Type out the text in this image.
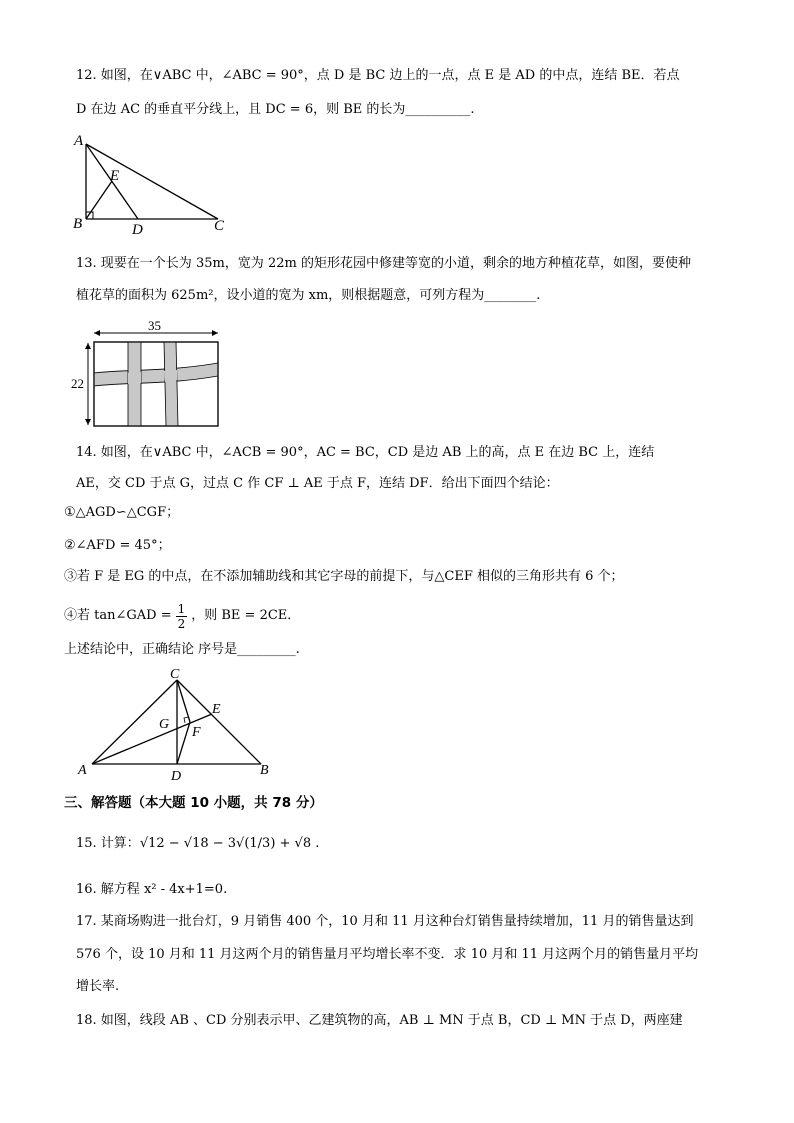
12. 如图，在∨ABC 中，∠ABC = 90°，点 D 是 BC 边上的一点，点 E 是 AD 的中点，连结 BE．若点
D 在边 AC 的垂直平分线上，且 DC = 6，则 BE 的长为__________.
A
E
B	D	C
13. 现要在一个长为 35m，宽为 22m 的矩形花园中修建等宽的小道，剩余的地方种植花草，如图，要使种
植花草的面积为 625m²，设小道的宽为 xm，则根据题意，可列方程为________.
35
22
14. 如图，在∨ABC 中，∠ACB = 90°，AC = BC，CD 是边 AB 上的高，点 E 在边 BC 上，连结
AE，交 CD 于点 G，过点 C 作 CF ⊥ AE 于点 F，连结 DF．给出下面四个结论：
①△AGD∽△CGF；
②∠AFD = 45°；
③若 F 是 EG 的中点，在不添加辅助线和其它字母的前提下，与△CEF 相似的三角形共有 6 个；
④若 tan∠GAD = $\frac{1}{2}$ ，则 BE = 2CE．
上述结论中，正确结论 序号是_________.
C
E
G
F
A	D	B
三、解答题（本大题 10 小题，共 78 分）
15. 计算：√12 − √18 − 3√(1/3) + √8 .
16. 解方程 x² - 4x+1=0.
17. 某商场购进一批台灯，9 月销售 400 个，10 月和 11 月这种台灯销售量持续增加，11 月的销售量达到
576 个，设 10 月和 11 月这两个月的销售量月平均增长率不变．求 10 月和 11 月这两个月的销售量月平均
增长率.
18. 如图，线段 AB 、CD 分别表示甲、乙建筑物的高，AB ⊥ MN 于点 B，CD ⊥ MN 于点 D，两座建
